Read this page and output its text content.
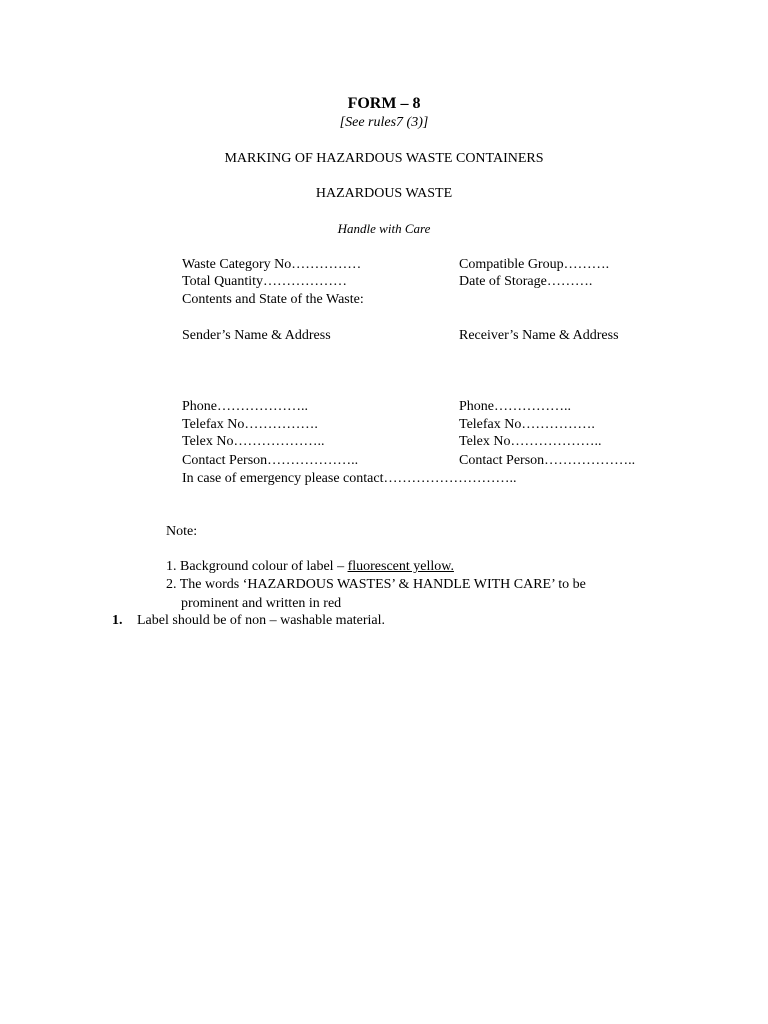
FORM – 8
[See rules7 (3)]
MARKING OF HAZARDOUS WASTE CONTAINERS
HAZARDOUS WASTE
Handle with Care
Waste Category No……………	Compatible Group……….
Total Quantity………………	Date of Storage……….
Contents and State of the Waste:
Sender’s Name & Address	Receiver’s Name & Address
Phone………………..	Phone……………..
Telefax No…………….	Telefax No…………….
Telex No………………..	Telex No………………..
Contact Person………………..	Contact Person………………..
In case of emergency please contact………………………..
Note:
1. Background colour of label – fluorescent yellow.
2. The words ‘HAZARDOUS WASTES’ & HANDLE WITH CARE’ to be
prominent and written in red
1. Label should be of non – washable material.
